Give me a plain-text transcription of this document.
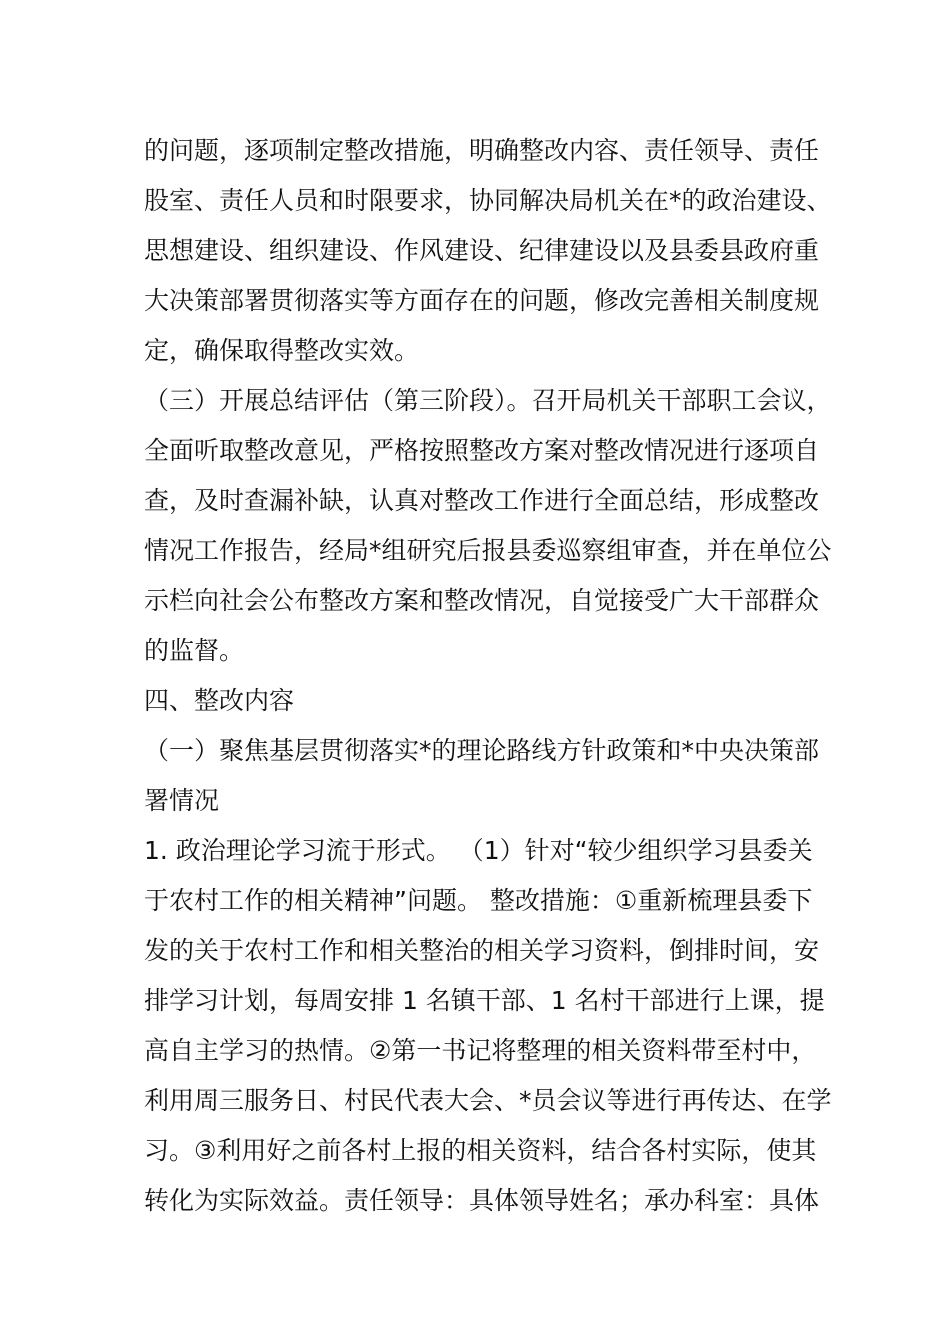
的问题，逐项制定整改措施，明确整改内容、责任领导、责任
股室、责任人员和时限要求，协同解决局机关在*的政治建设、
思想建设、组织建设、作风建设、纪律建设以及县委县政府重
大决策部署贯彻落实等方面存在的问题，修改完善相关制度规
定，确保取得整改实效。
（三）开展总结评估（第三阶段）。召开局机关干部职工会议，
全面听取整改意见，严格按照整改方案对整改情况进行逐项自
查，及时查漏补缺，认真对整改工作进行全面总结，形成整改
情况工作报告，经局*组研究后报县委巡察组审查，并在单位公
示栏向社会公布整改方案和整改情况，自觉接受广大干部群众
的监督。
四、整改内容
（一）聚焦基层贯彻落实*的理论路线方针政策和*中央决策部
署情况
1. 政治理论学习流于形式。 （1）针对“较少组织学习县委关
于农村工作的相关精神”问题。 整改措施：①重新梳理县委下
发的关于农村工作和相关整治的相关学习资料，倒排时间，安
排学习计划，每周安排 1 名镇干部、1 名村干部进行上课，提
高自主学习的热情。②第一书记将整理的相关资料带至村中，
利用周三服务日、村民代表大会、*员会议等进行再传达、在学
习。③利用好之前各村上报的相关资料，结合各村实际，使其
转化为实际效益。责任领导：具体领导姓名；承办科室：具体
